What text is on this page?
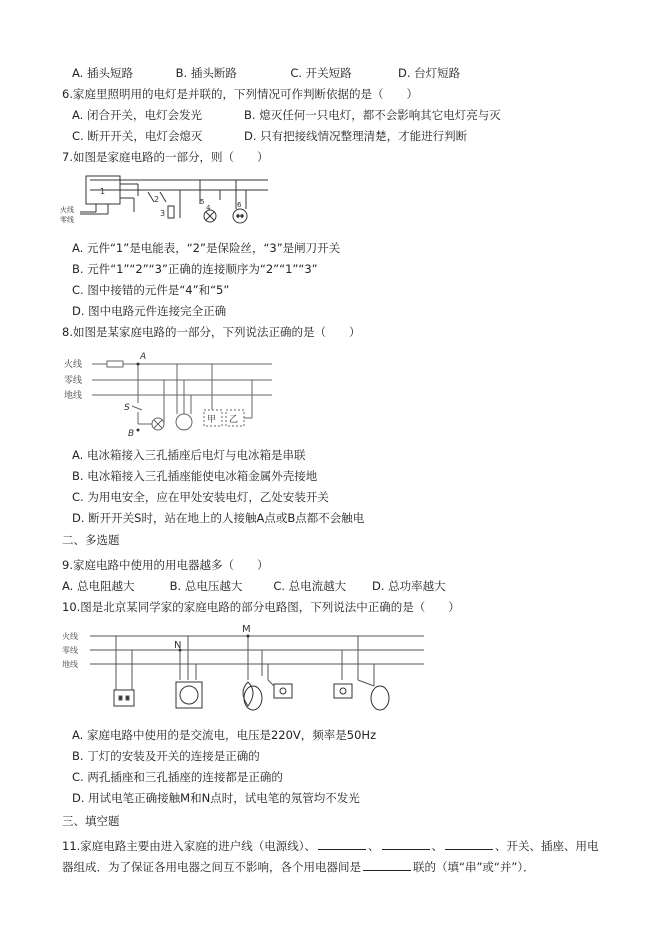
A. 插头短路	B. 插头断路	C. 开关短路	D. 台灯短路
6.家庭里照明用的电灯是并联的，下列情况可作判断依据的是（　　）
A. 闭合开关，电灯会发光	B. 熄灭任何一只电灯，都不会影响其它电灯亮与灭
C. 断开开关，电灯会熄灭	D. 只有把接线情况整理清楚，才能进行判断
7.如图是家庭电路的一部分，则（　　）
火线
零线
1
2
3
4
5	6
A. 元件“1”是电能表，“2”是保险丝，“3”是闸刀开关
B. 元件“1”“2”“3”正确的连接顺序为“2”“1”“3”
C. 图中接错的元件是“4”和“5”
D. 图中电路元件连接完全正确
8.如图是某家庭电路的一部分，下列说法正确的是（　　）
火线
零线
地线
A
S
B
甲 乙
A. 电冰箱接入三孔插座后电灯与电冰箱是串联
B. 电冰箱接入三孔插座能使电冰箱金属外壳接地
C. 为用电安全，应在甲处安装电灯，乙处安装开关
D. 断开开关S时，站在地上的人接触A点或B点都不会触电
二、多选题
9.家庭电路中使用的用电器越多（　　）
A. 总电阻越大	B. 总电压越大	C. 总电流越大 D. 总功率越大
10.图是北京某同学家的家庭电路的部分电路图，下列说法中正确的是（　　）
火线
零线
地线
N
M
A. 家庭电路中使用的是交流电，电压是220V，频率是50Hz
B. 丁灯的安装及开关的连接是正确的
C. 两孔插座和三孔插座的连接都是正确的
D. 用试电笔正确接触M和N点时，试电笔的氖管均不发光
三、填空题
11.家庭电路主要由进入家庭的进户线（电源线）、	、	、	、开关、插座、用电
器组成．为了保证各用电器之间互不影响，各个用电器间是	联的（填“串”或“并”）．
